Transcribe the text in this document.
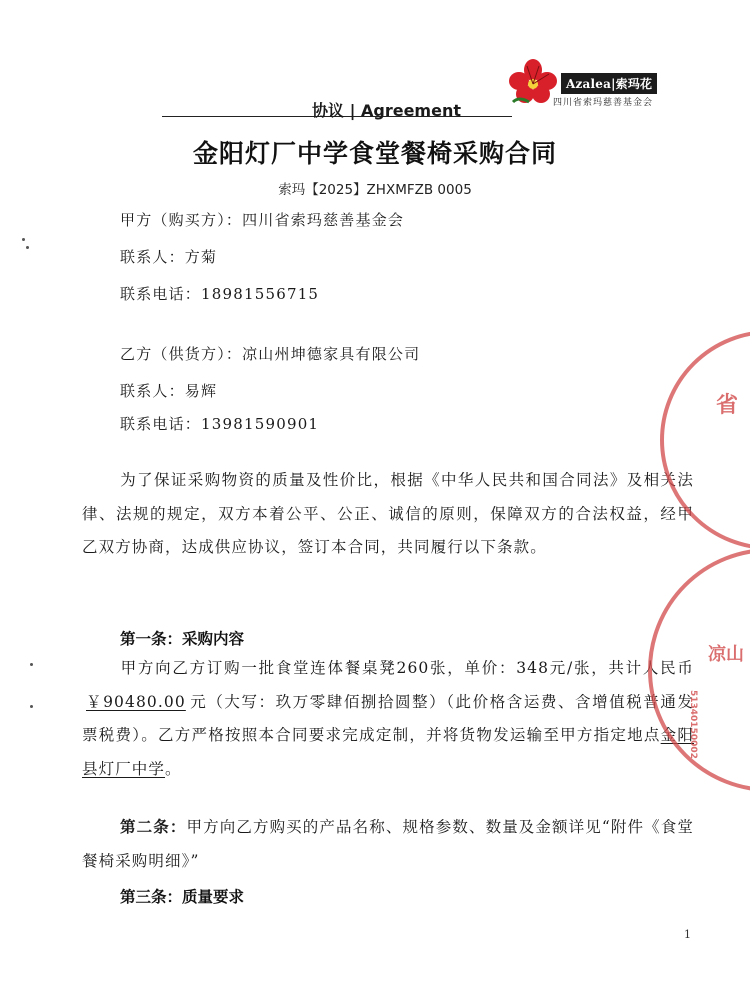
Azalea|索玛花
四川省索玛慈善基金会
协议 | Agreement
金阳灯厂中学食堂餐椅采购合同
索玛【2025】ZHXMFZB 0005
甲方（购买方）：四川省索玛慈善基金会
联系人：方菊
联系电话：18981556715
乙方（供货方）：凉山州坤德家具有限公司
联系人：易辉
联系电话：13981590901
为了保证采购物资的质量及性价比，根据《中华人民共和国合同法》及相关法律、法规的规定，双方本着公平、公正、诚信的原则，保障双方的合法权益，经甲乙双方协商，达成供应协议，签订本合同，共同履行以下条款。
第一条：采购内容
甲方向乙方订购一批食堂连体餐桌凳260张，单价：348元/张，共计人民币￥90480.00 元（大写：玖万零肆佰捌拾圆整）（此价格含运费、含增值税普通发票税费）。乙方严格按照本合同要求完成定制，并将货物发运输至甲方指定地点金阳县灯厂中学。
第二条：甲方向乙方购买的产品名称、规格参数、数量及金额详见“附件《食堂餐椅采购明细》”
第三条：质量要求
1
省
凉山
51340150002
